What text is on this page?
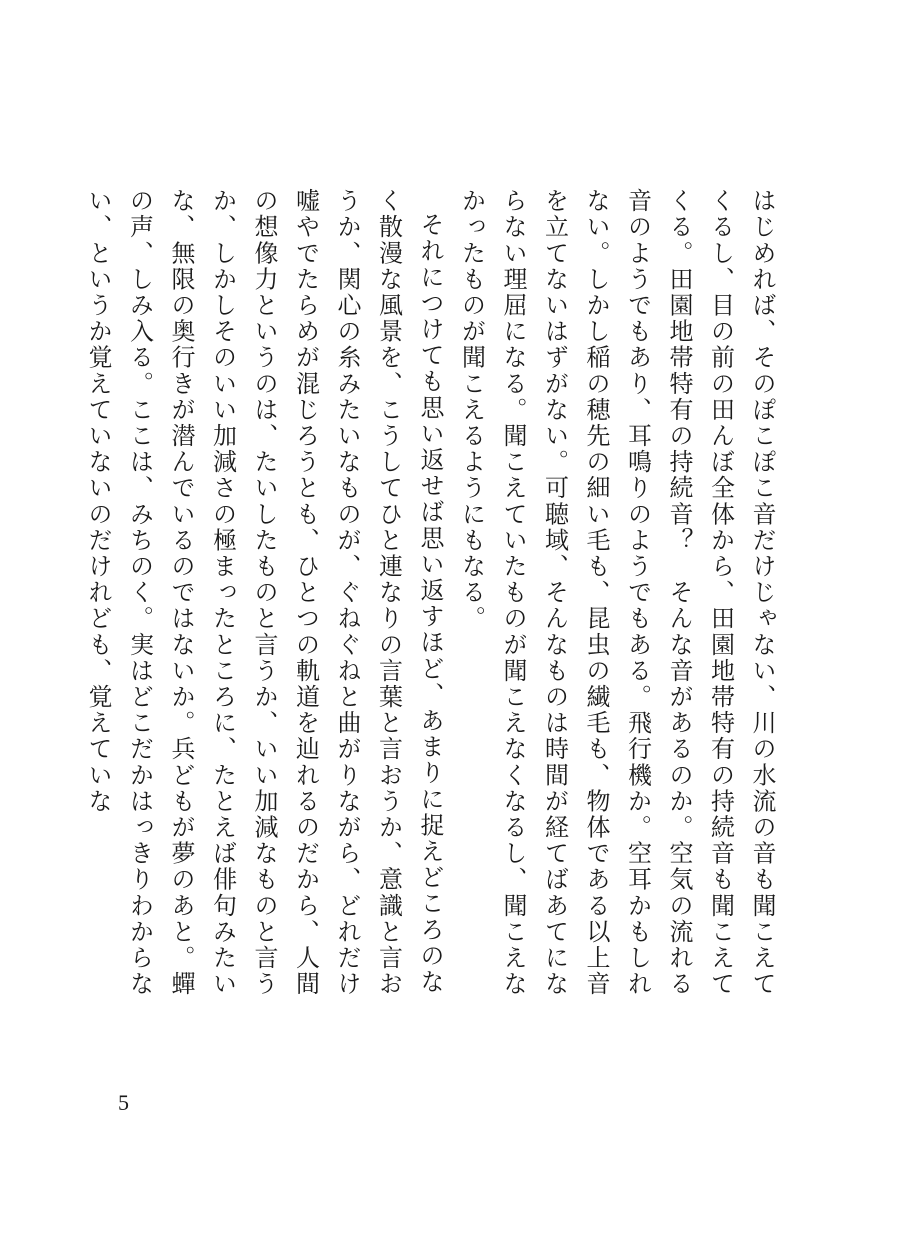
はじめれば、そのぽこぽこ音だけじゃない、川の水流の音も聞こえてくるし、目の前の田んぼ全体から、田園地帯特有の持続音も聞こえてくる。田園地帯特有の持続音？　そんな音があるのか。空気の流れる音のようでもあり、耳鳴りのようでもある。飛行機か。空耳かもしれない。しかし稲の穂先の細い毛も、昆虫の繊毛も、物体である以上音を立てないはずがない。可聴域、そんなものは時間が経てばあてにならない理屈になる。聞こえていたものが聞こえなくなるし、聞こえなかったものが聞こえるようにもなる。

それにつけても思い返せば思い返すほど、あまりに捉えどころのなく散漫な風景を、こうしてひと連なりの言葉と言おうか、意識と言おうか、関心の糸みたいなものが、ぐねぐねと曲がりながら、どれだけ嘘やでたらめが混じろうとも、ひとつの軌道を辿れるのだから、人間の想像力というのは、たいしたものと言うか、いい加減なものと言うか、しかしそのいい加減さの極まったところに、たとえば俳句みたいな、無限の奥行きが潜んでいるのではないか。兵どもが夢のあと。蟬の声、しみ入る。ここは、みちのく。実はどこだかはっきりわからない、というか覚えていないのだけれども、覚えていな

5
